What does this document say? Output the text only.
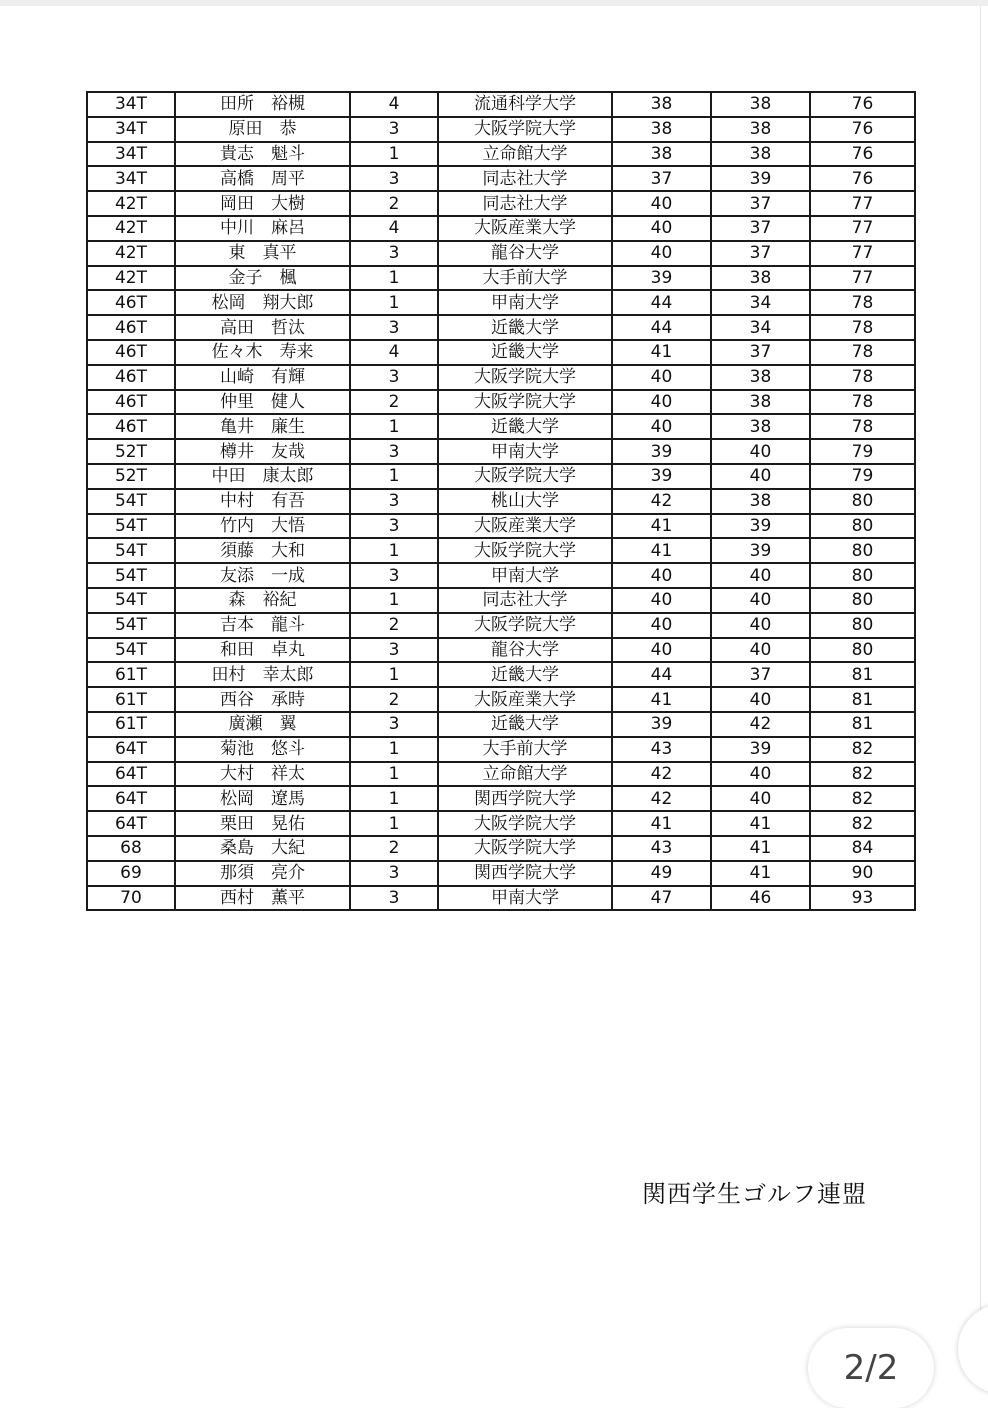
34T	田所　裕槻	4	流通科学大学	38	38	76
34T	原田　恭	3	大阪学院大学	38	38	76
34T	貴志　魁斗	1	立命館大学	38	38	76
34T	高橋　周平	3	同志社大学	37	39	76
42T	岡田　大樹	2	同志社大学	40	37	77
42T	中川　麻呂	4	大阪産業大学	40	37	77
42T	東　真平	3	龍谷大学	40	37	77
42T	金子　楓	1	大手前大学	39	38	77
46T	松岡　翔大郎	1	甲南大学	44	34	78
46T	高田　哲汰	3	近畿大学	44	34	78
46T	佐々木　寿来	4	近畿大学	41	37	78
46T	山崎　有輝	3	大阪学院大学	40	38	78
46T	仲里　健人	2	大阪学院大学	40	38	78
46T	亀井　廉生	1	近畿大学	40	38	78
52T	樽井　友哉	3	甲南大学	39	40	79
52T	中田　康太郎	1	大阪学院大学	39	40	79
54T	中村　有吾	3	桃山大学	42	38	80
54T	竹内　大悟	3	大阪産業大学	41	39	80
54T	須藤　大和	1	大阪学院大学	41	39	80
54T	友添　一成	3	甲南大学	40	40	80
54T	森　裕紀	1	同志社大学	40	40	80
54T	吉本　龍斗	2	大阪学院大学	40	40	80
54T	和田　卓丸	3	龍谷大学	40	40	80
61T	田村　幸太郎	1	近畿大学	44	37	81
61T	西谷　承時	2	大阪産業大学	41	40	81
61T	廣瀬　翼	3	近畿大学	39	42	81
64T	菊池　悠斗	1	大手前大学	43	39	82
64T	大村　祥太	1	立命館大学	42	40	82
64T	松岡　遼馬	1	関西学院大学	42	40	82
64T	栗田　晃佑	1	大阪学院大学	41	41	82
68	桑島　大紀	2	大阪学院大学	43	41	84
69	那須　亮介	3	関西学院大学	49	41	90
70	西村　薫平	3	甲南大学	47	46	93
関西学生ゴルフ連盟
2/2
